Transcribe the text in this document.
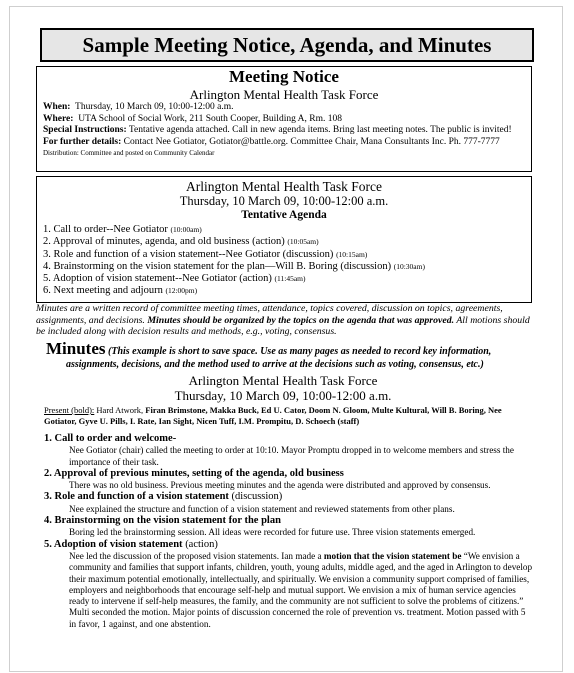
Sample Meeting Notice, Agenda, and Minutes
Meeting Notice
Arlington Mental Health Task Force
When: Thursday, 10 March 09, 10:00-12:00 a.m.
Where: UTA School of Social Work, 211 South Cooper, Building A, Rm. 108
Special Instructions: Tentative agenda attached. Call in new agenda items. Bring last meeting notes. The public is invited!
For further details: Contact Nee Gotiator, Gotiator@battle.org. Committee Chair, Mana Consultants Inc. Ph. 777-7777
Distribution: Committee and posted on Community Calendar
Arlington Mental Health Task Force
Thursday, 10 March 09, 10:00-12:00 a.m.
Tentative Agenda
1. Call to order--Nee Gotiator (10:00am)
2. Approval of minutes, agenda, and old business (action) (10:05am)
3. Role and function of a vision statement--Nee Gotiator (discussion) (10:15am)
4. Brainstorming on the vision statement for the plan—Will B. Boring (discussion) (10:30am)
5. Adoption of vision statement--Nee Gotiator (action) (11:45am)
6. Next meeting and adjourn (12:00pm)
Minutes are a written record of committee meeting times, attendance, topics covered, discussion on topics, agreements, assignments, and decisions. Minutes should be organized by the topics on the agenda that was approved. All motions should be included along with decision results and methods, e.g., voting, consensus.
Minutes (This example is short to save space. Use as many pages as needed to record key information,
assignments, decisions, and the method used to arrive at the decisions such as voting, consensus, etc.)
Arlington Mental Health Task Force
Thursday, 10 March 09, 10:00-12:00 a.m.
Present (bold): Hard Atwork, Firan Brimstone, Makka Buck, Ed U. Cator, Doom N. Gloom, Multe Kultural, Will B. Boring, Nee Gotiator, Gyve U. Pills, I. Rate, Ian Sight, Nicen Tuff, I.M. Prompitu, D. Schoech (staff)
1. Call to order and welcome-
Nee Gotiator (chair) called the meeting to order at 10:10. Mayor Promptu dropped in to welcome members and stress the importance of their task.
2. Approval of previous minutes, setting of the agenda, old business
There was no old business. Previous meeting minutes and the agenda were distributed and approved by consensus.
3. Role and function of a vision statement (discussion)
Nee explained the structure and function of a vision statement and reviewed statements from other plans.
4. Brainstorming on the vision statement for the plan
Boring led the brainstorming session. All ideas were recorded for future use. Three vision statements emerged.
5. Adoption of vision statement (action)
Nee led the discussion of the proposed vision statements. Ian made a motion that the vision statement be “We envision a community and families that support infants, children, youth, young adults, middle aged, and the aged in Arlington to develop their maximum potential emotionally, intellectually, and spiritually. We envision a community support comprised of families, employers and neighborhoods that encourage self-help and mutual support. We envision a mix of human service agencies ready to intervene if self-help measures, the family, and the community are not sufficient to solve the problems of citizens.” Multi seconded the motion. Major points of discussion concerned the role of prevention vs. treatment. Motion passed with 5 in favor, 1 against, and one abstention.
